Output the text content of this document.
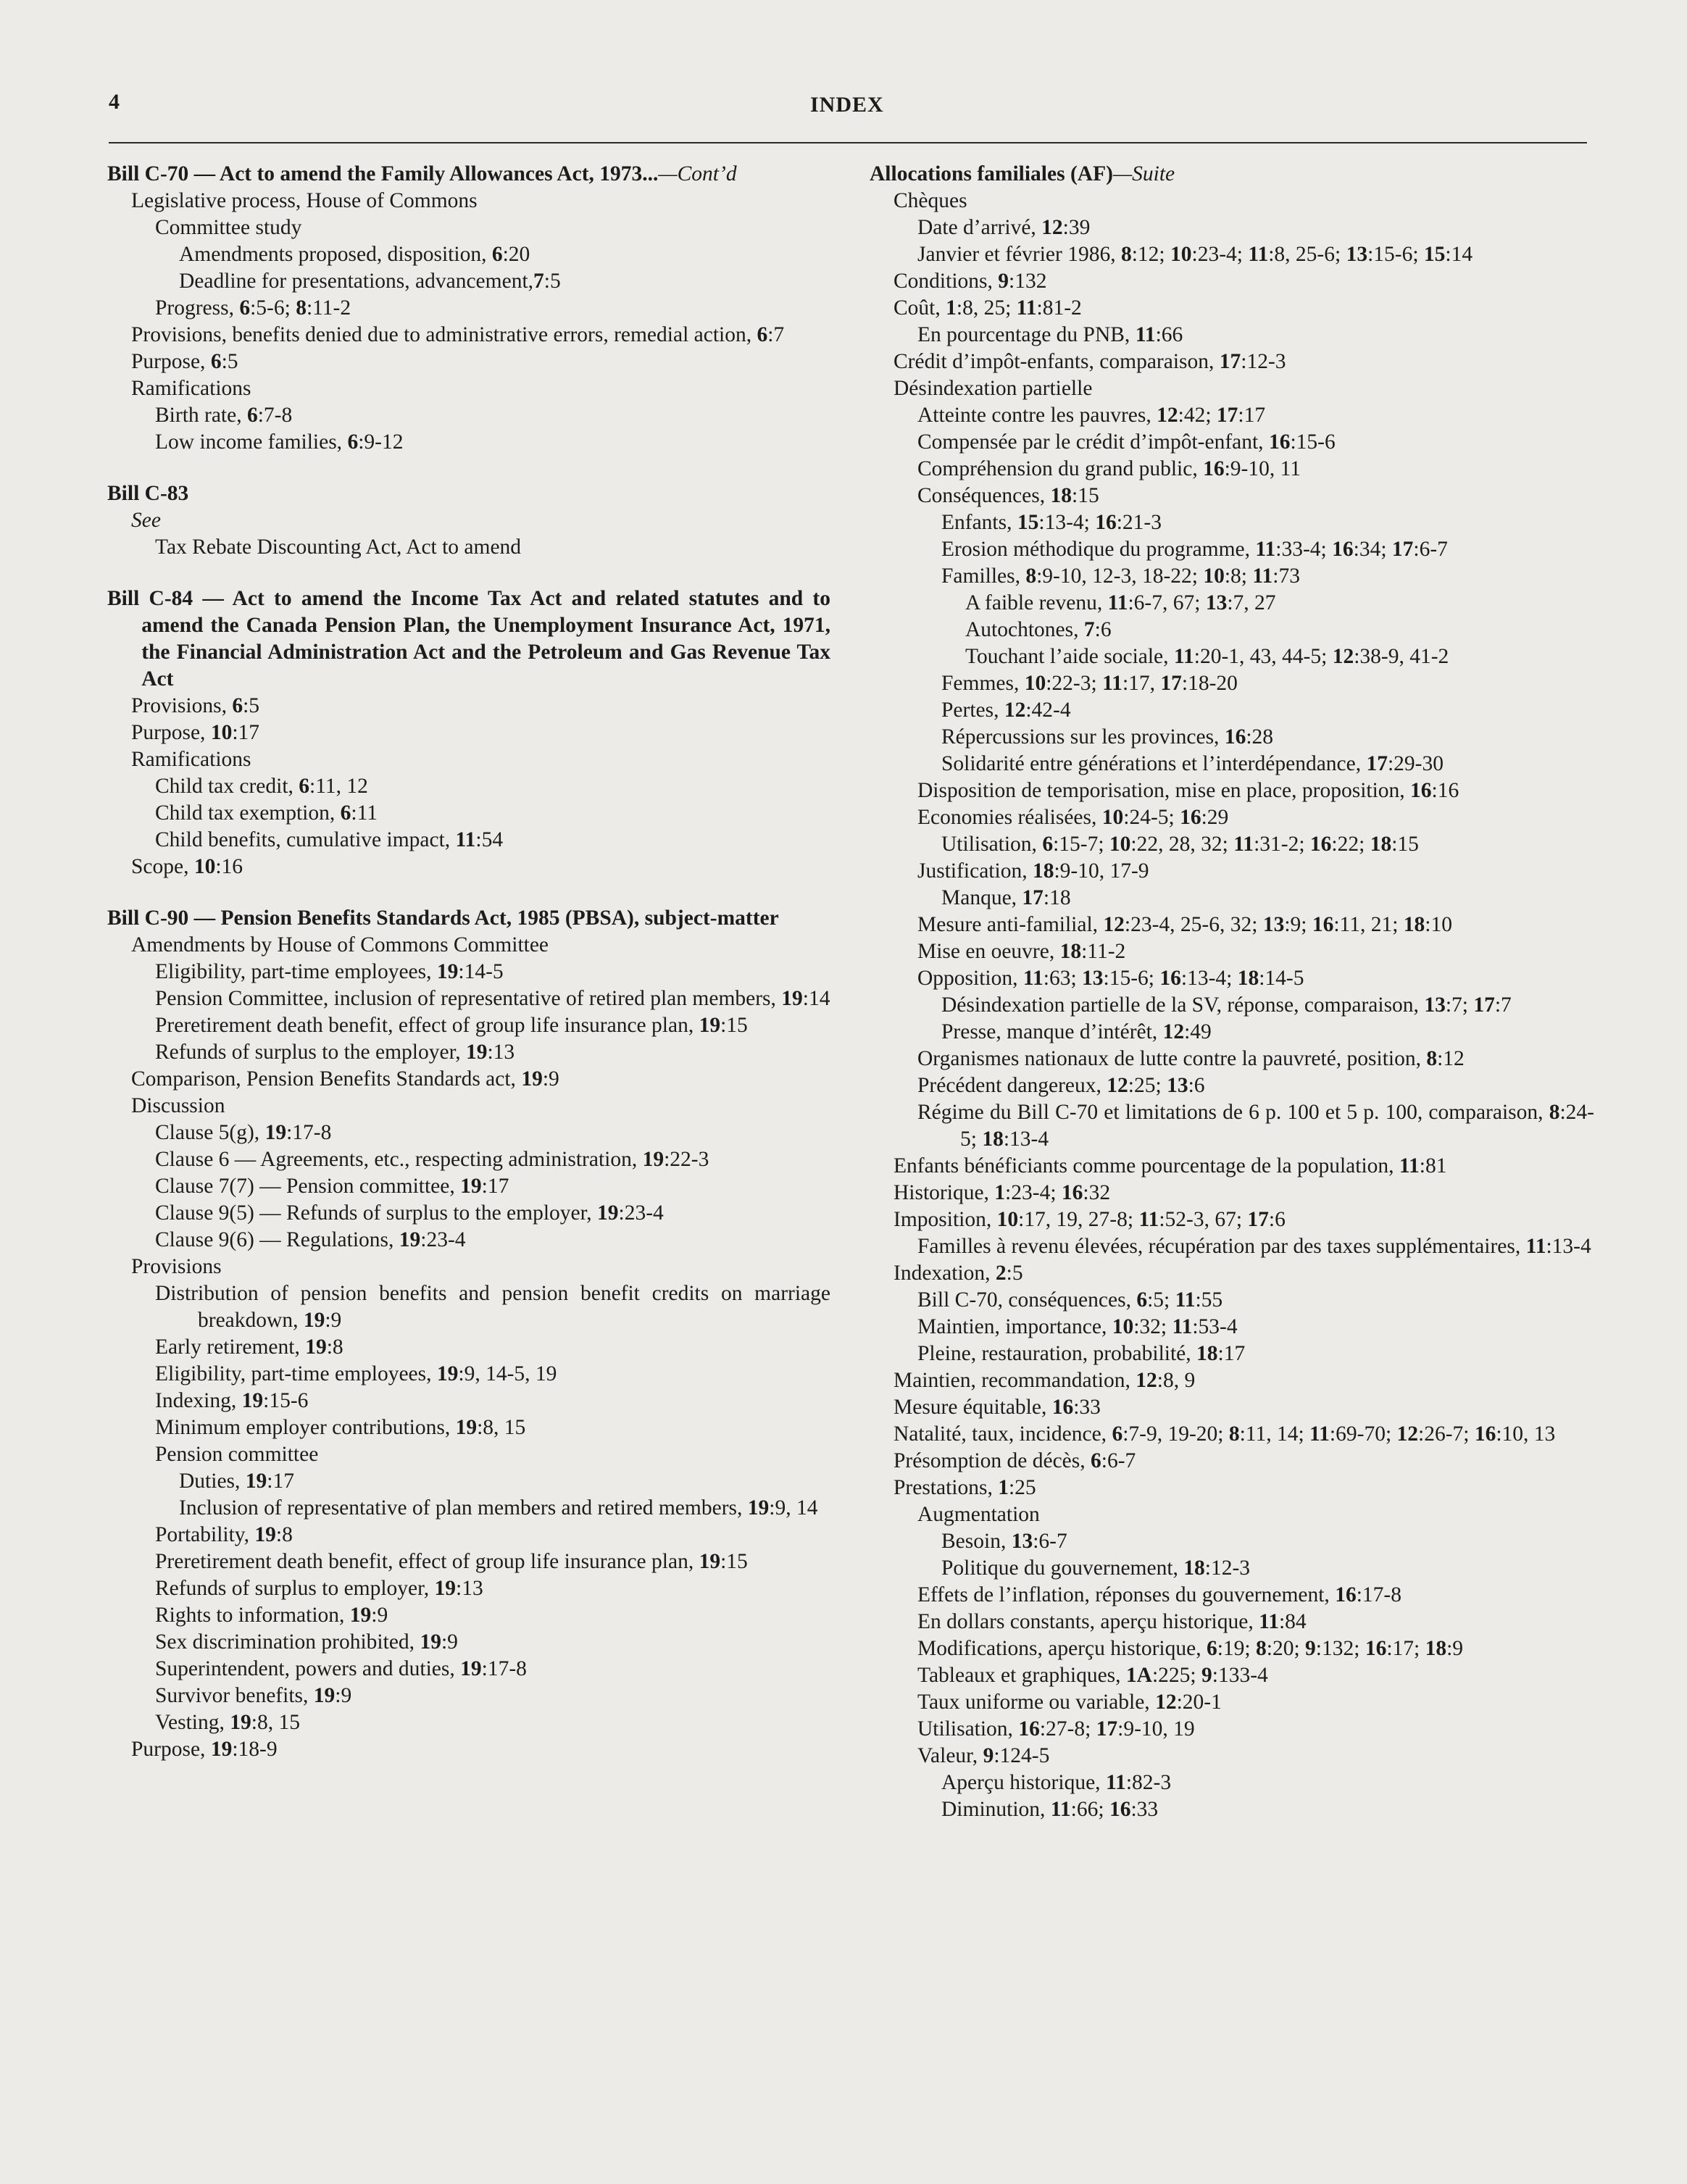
4	INDEX

Bill C-70 — Act to amend the Family Allowances Act, 1973...—Cont’d

Legislative process, House of Commons

Committee study

Amendments proposed, disposition, 6:20

Deadline for presentations, advancement,7:5

Progress, 6:5-6; 8:11-2

Provisions, benefits denied due to administrative errors, remedial action, 6:7

Purpose, 6:5

Ramifications

Birth rate, 6:7-8

Low income families, 6:9-12

Bill C-83

See

Tax Rebate Discounting Act, Act to amend

Bill C-84 — Act to amend the Income Tax Act and related statutes and to amend the Canada Pension Plan, the Unemployment Insurance Act, 1971, the Financial Administration Act and the Petroleum and Gas Revenue Tax Act

Provisions, 6:5

Purpose, 10:17

Ramifications

Child tax credit, 6:11, 12

Child tax exemption, 6:11

Child benefits, cumulative impact, 11:54

Scope, 10:16

Bill C-90 — Pension Benefits Standards Act, 1985 (PBSA), subject-matter

Amendments by House of Commons Committee

Eligibility, part-time employees, 19:14-5

Pension Committee, inclusion of representative of retired plan members, 19:14

Preretirement death benefit, effect of group life insurance plan, 19:15

Refunds of surplus to the employer, 19:13

Comparison, Pension Benefits Standards act, 19:9

Discussion

Clause 5(g), 19:17-8

Clause 6 — Agreements, etc., respecting administration, 19:22-3

Clause 7(7) — Pension committee, 19:17

Clause 9(5) — Refunds of surplus to the employer, 19:23-4

Clause 9(6) — Regulations, 19:23-4

Provisions

Distribution of pension benefits and pension benefit credits on marriage breakdown, 19:9

Early retirement, 19:8

Eligibility, part-time employees, 19:9, 14-5, 19

Indexing, 19:15-6

Minimum employer contributions, 19:8, 15

Pension committee

Duties, 19:17

Inclusion of representative of plan members and retired members, 19:9, 14

Portability, 19:8

Preretirement death benefit, effect of group life insurance plan, 19:15

Refunds of surplus to employer, 19:13

Rights to information, 19:9

Sex discrimination prohibited, 19:9

Superintendent, powers and duties, 19:17-8

Survivor benefits, 19:9

Vesting, 19:8, 15

Purpose, 19:18-9

Allocations familiales (AF)—Suite

Chèques

Date d’arrivé, 12:39

Janvier et février 1986, 8:12; 10:23-4; 11:8, 25-6; 13:15-6; 15:14

Conditions, 9:132

Coût, 1:8, 25; 11:81-2

En pourcentage du PNB, 11:66

Crédit d’impôt-enfants, comparaison, 17:12-3

Désindexation partielle

Atteinte contre les pauvres, 12:42; 17:17

Compensée par le crédit d’impôt-enfant, 16:15-6

Compréhension du grand public, 16:9-10, 11

Conséquences, 18:15

Enfants, 15:13-4; 16:21-3

Erosion méthodique du programme, 11:33-4; 16:34; 17:6-7

Familles, 8:9-10, 12-3, 18-22; 10:8; 11:73

A faible revenu, 11:6-7, 67; 13:7, 27

Autochtones, 7:6

Touchant l’aide sociale, 11:20-1, 43, 44-5; 12:38-9, 41-2

Femmes, 10:22-3; 11:17, 17:18-20

Pertes, 12:42-4

Répercussions sur les provinces, 16:28

Solidarité entre générations et l’interdépendance, 17:29-30

Disposition de temporisation, mise en place, proposition, 16:16

Economies réalisées, 10:24-5; 16:29

Utilisation, 6:15-7; 10:22, 28, 32; 11:31-2; 16:22; 18:15

Justification, 18:9-10, 17-9

Manque, 17:18

Mesure anti-familial, 12:23-4, 25-6, 32; 13:9; 16:11, 21; 18:10

Mise en oeuvre, 18:11-2

Opposition, 11:63; 13:15-6; 16:13-4; 18:14-5

Désindexation partielle de la SV, réponse, comparaison, 13:7; 17:7

Presse, manque d’intérêt, 12:49

Organismes nationaux de lutte contre la pauvreté, position, 8:12

Précédent dangereux, 12:25; 13:6

Régime du Bill C-70 et limitations de 6 p. 100 et 5 p. 100, comparaison, 8:24-5; 18:13-4

Enfants bénéficiants comme pourcentage de la population, 11:81

Historique, 1:23-4; 16:32

Imposition, 10:17, 19, 27-8; 11:52-3, 67; 17:6

Familles à revenu élevées, récupération par des taxes supplémentaires, 11:13-4

Indexation, 2:5

Bill C-70, conséquences, 6:5; 11:55

Maintien, importance, 10:32; 11:53-4

Pleine, restauration, probabilité, 18:17

Maintien, recommandation, 12:8, 9

Mesure équitable, 16:33

Natalité, taux, incidence, 6:7-9, 19-20; 8:11, 14; 11:69-70; 12:26-7; 16:10, 13

Présomption de décès, 6:6-7

Prestations, 1:25

Augmentation

Besoin, 13:6-7

Politique du gouvernement, 18:12-3

Effets de l’inflation, réponses du gouvernement, 16:17-8

En dollars constants, aperçu historique, 11:84

Modifications, aperçu historique, 6:19; 8:20; 9:132; 16:17; 18:9

Tableaux et graphiques, 1A:225; 9:133-4

Taux uniforme ou variable, 12:20-1

Utilisation, 16:27-8; 17:9-10, 19

Valeur, 9:124-5

Aperçu historique, 11:82-3

Diminution, 11:66; 16:33
